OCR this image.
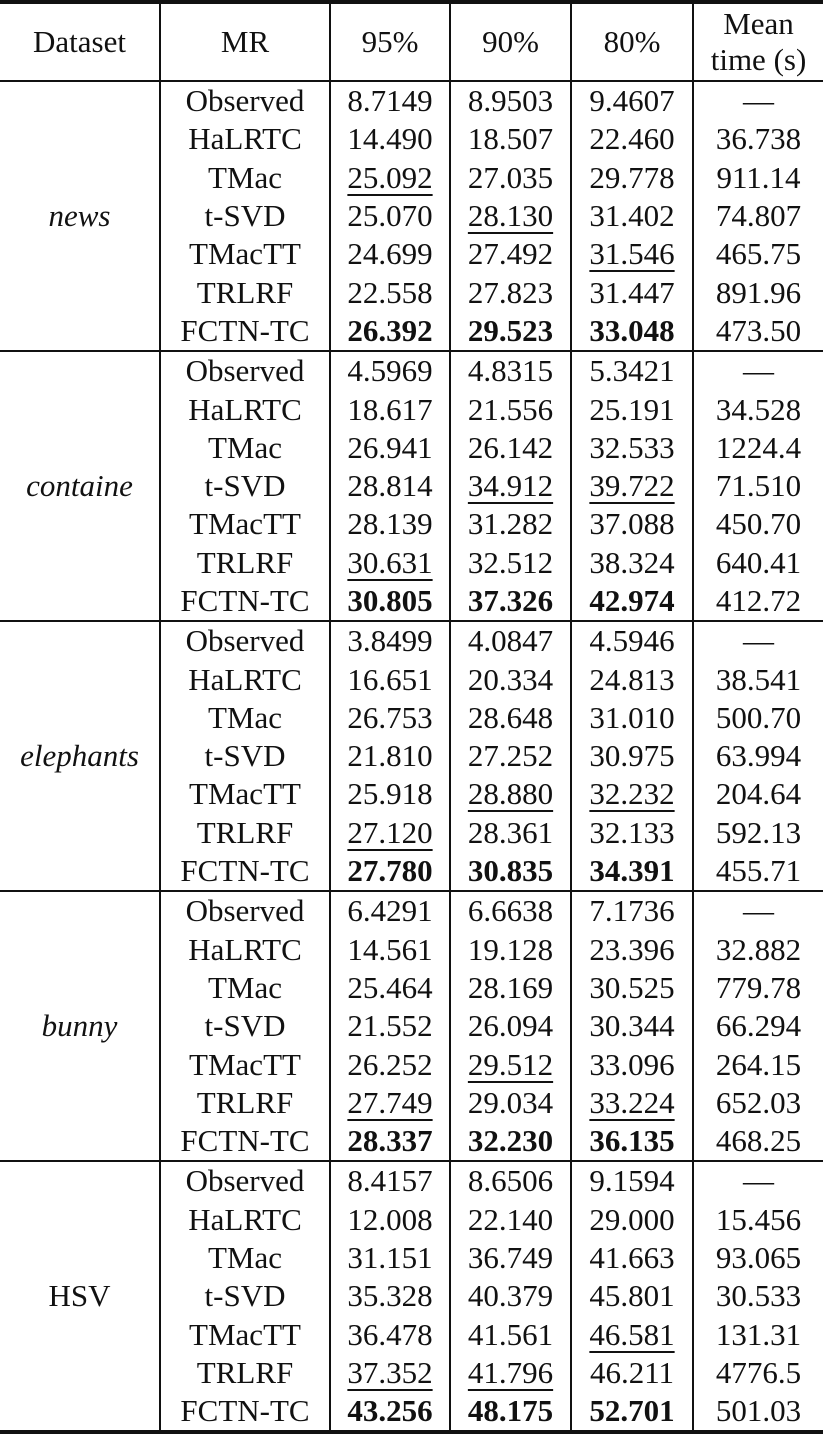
Dataset	MR	95%	90%	80%	Mean
time (s)
news	Observed	8.7149	8.9503	9.4607	—
	HaLRTC	14.490	18.507	22.460	36.738
	TMac	25.092	27.035	29.778	911.14
	t-SVD	25.070	28.130	31.402	74.807
	TMacTT	24.699	27.492	31.546	465.75
	TRLRF	22.558	27.823	31.447	891.96
	FCTN-TC	26.392	29.523	33.048	473.50
containe	Observed	4.5969	4.8315	5.3421	—
	HaLRTC	18.617	21.556	25.191	34.528
	TMac	26.941	26.142	32.533	1224.4
	t-SVD	28.814	34.912	39.722	71.510
	TMacTT	28.139	31.282	37.088	450.70
	TRLRF	30.631	32.512	38.324	640.41
	FCTN-TC	30.805	37.326	42.974	412.72
elephants	Observed	3.8499	4.0847	4.5946	—
	HaLRTC	16.651	20.334	24.813	38.541
	TMac	26.753	28.648	31.010	500.70
	t-SVD	21.810	27.252	30.975	63.994
	TMacTT	25.918	28.880	32.232	204.64
	TRLRF	27.120	28.361	32.133	592.13
	FCTN-TC	27.780	30.835	34.391	455.71
bunny	Observed	6.4291	6.6638	7.1736	—
	HaLRTC	14.561	19.128	23.396	32.882
	TMac	25.464	28.169	30.525	779.78
	t-SVD	21.552	26.094	30.344	66.294
	TMacTT	26.252	29.512	33.096	264.15
	TRLRF	27.749	29.034	33.224	652.03
	FCTN-TC	28.337	32.230	36.135	468.25
HSV	Observed	8.4157	8.6506	9.1594	—
	HaLRTC	12.008	22.140	29.000	15.456
	TMac	31.151	36.749	41.663	93.065
	t-SVD	35.328	40.379	45.801	30.533
	TMacTT	36.478	41.561	46.581	131.31
	TRLRF	37.352	41.796	46.211	4776.5
	FCTN-TC	43.256	48.175	52.701	501.03
